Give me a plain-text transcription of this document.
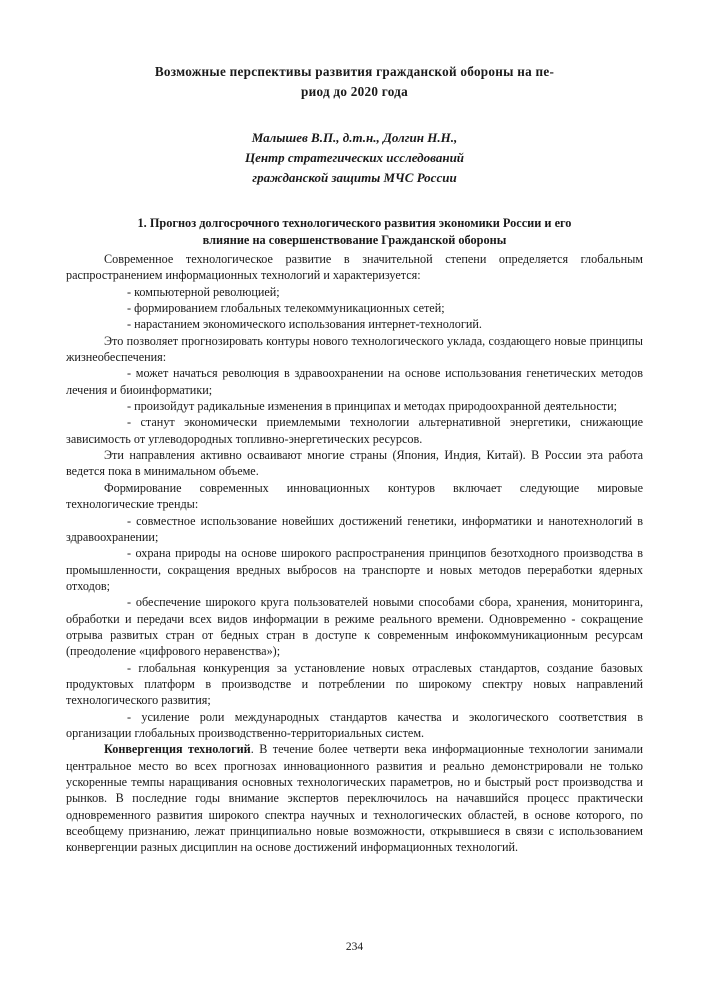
Возможные перспективы развития гражданской обороны на пе-
риод до 2020 года
Малышев В.П., д.т.н., Долгин Н.Н.,
Центр стратегических исследований
гражданской защиты МЧС России
1. Прогноз долгосрочного технологического развития экономики России и его
влияние на совершенствование Гражданской обороны

Современное технологическое развитие в значительной степени определяется глобальным распространением информационных технологий и характеризуется:

- компьютерной революцией;

- формированием глобальных телекоммуникационных сетей;

- нарастанием экономического использования интернет-технологий.

Это позволяет прогнозировать контуры нового технологического уклада, создающего новые принципы жизнеобеспечения:

- может начаться революция в здравоохранении на основе использования генетических методов лечения и биоинформатики;

- произойдут радикальные изменения в принципах и методах природоохранной деятельности;

- станут экономически приемлемыми технологии альтернативной энергетики, снижающие зависимость от углеводородных топливно-энергетических ресурсов.

Эти направления активно осваивают многие страны (Япония, Индия, Китай). В России эта работа ведется пока в минимальном объеме.

Формирование современных инновационных контуров включает следующие мировые технологические тренды:

- совместное использование новейших достижений генетики, информатики и нанотехнологий в здравоохранении;

- охрана природы на основе широкого распространения принципов безотходного производства в промышленности, сокращения вредных выбросов на транспорте и новых методов переработки ядерных отходов;

- обеспечение широкого круга пользователей новыми способами сбора, хранения, мониторинга, обработки и передачи всех видов информации в режиме реального времени. Одновременно - сокращение отрыва развитых стран от бедных стран в доступе к современным инфокоммуникационным ресурсам (преодоление «цифрового неравенства»);

- глобальная конкуренция за установление новых отраслевых стандартов, создание базовых продуктовых платформ в производстве и потреблении по широкому спектру новых направлений технологического развития;

- усиление роли международных стандартов качества и экологического соответствия в организации глобальных производственно-территориальных систем.

Конвергенция технологий. В течение более четверти века информационные технологии занимали центральное место во всех прогнозах инновационного развития и реально демонстрировали не только ускоренные темпы наращивания основных технологических параметров, но и быстрый рост производства и рынков. В последние годы внимание экспертов переключилось на начавшийся процесс практически одновременного развития широкого спектра научных и технологических областей, в основе которого, по всеобщему признанию, лежат принципиально новые возможности, открывшиеся в связи с использованием конвергенции разных дисциплин на основе достижений информационных технологий.

234
